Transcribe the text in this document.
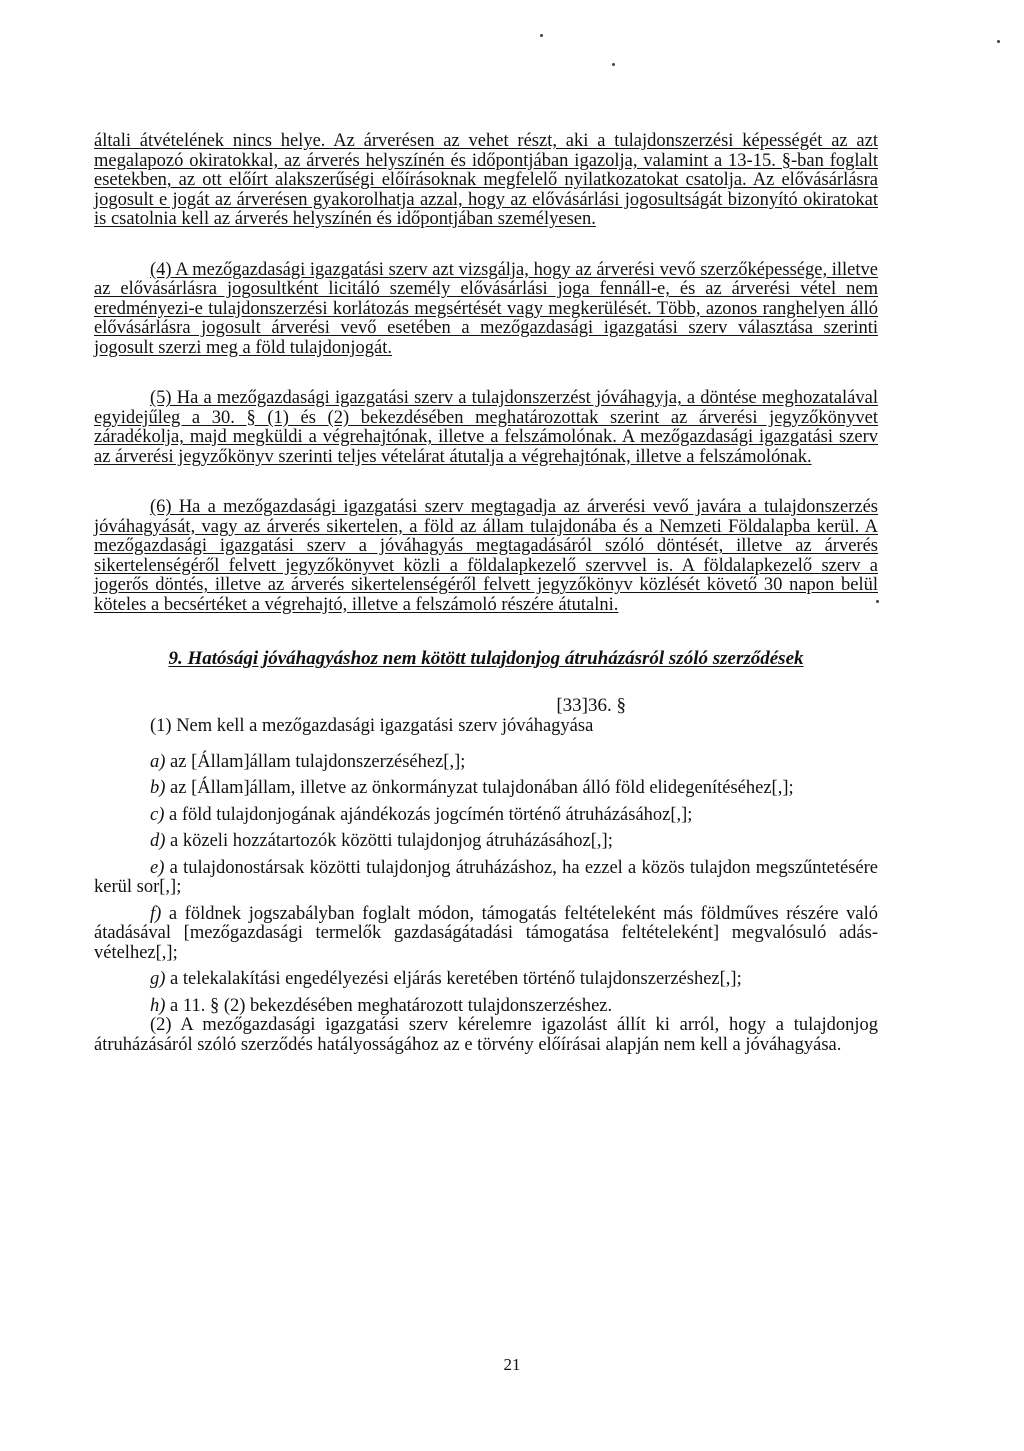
általi átvételének nincs helye. Az árverésen az vehet részt, aki a tulajdonszerzési képességét az azt megalapozó okiratokkal, az árverés helyszínén és időpontjában igazolja, valamint a 13-15. §-ban foglalt esetekben, az ott előírt alakszerűségi előírásoknak megfelelő nyilatkozatokat csatolja. Az elővásárlásra jogosult e jogát az árverésen gyakorolhatja azzal, hogy az elővásárlási jogosultságát bizonyító okiratokat is csatolnia kell az árverés helyszínén és időpontjában személyesen.

(4) A mezőgazdasági igazgatási szerv azt vizsgálja, hogy az árverési vevő szerzőképessége, illetve az elővásárlásra jogosultként licitáló személy elővásárlási joga fennáll-e, és az árverési vétel nem eredményezi-e tulajdonszerzési korlátozás megsértését vagy megkerülését. Több, azonos ranghelyen álló elővásárlásra jogosult árverési vevő esetében a mezőgazdasági igazgatási szerv választása szerinti jogosult szerzi meg a föld tulajdonjogát.

(5) Ha a mezőgazdasági igazgatási szerv a tulajdonszerzést jóváhagyja, a döntése meghozatalával egyidejűleg a 30. § (1) és (2) bekezdésében meghatározottak szerint az árverési jegyzőkönyvet záradékolja, majd megküldi a végrehajtónak, illetve a felszámolónak. A mezőgazdasági igazgatási szerv az árverési jegyzőkönyv szerinti teljes vételárat átutalja a végrehajtónak, illetve a felszámolónak.

(6) Ha a mezőgazdasági igazgatási szerv megtagadja az árverési vevő javára a tulajdonszerzés jóváhagyását, vagy az árverés sikertelen, a föld az állam tulajdonába és a Nemzeti Földalapba kerül. A mezőgazdasági igazgatási szerv a jóváhagyás megtagadásáról szóló döntését, illetve az árverés sikertelenségéről felvett jegyzőkönyvet közli a földalapkezelő szervvel is. A földalapkezelő szerv a jogerős döntés, illetve az árverés sikertelenségéről felvett jegyzőkönyv közlését követő 30 napon belül köteles a becsértéket a végrehajtó, illetve a felszámoló részére átutalni.

9. Hatósági jóváhagyáshoz nem kötött tulajdonjog átruházásról szóló szerződések
[33]36. §

(1) Nem kell a mezőgazdasági igazgatási szerv jóváhagyása

a) az [Állam]állam tulajdonszerzéséhez[,];

b) az [Állam]állam, illetve az önkormányzat tulajdonában álló föld elidegenítéséhez[,];

c) a föld tulajdonjogának ajándékozás jogcímén történő átruházásához[,];

d) a közeli hozzátartozók közötti tulajdonjog átruházásához[,];

e) a tulajdonostársak közötti tulajdonjog átruházáshoz, ha ezzel a közös tulajdon megszűntetésére kerül sor[,];

f) a földnek jogszabályban foglalt módon, támogatás feltételeként más földműves részére való átadásával [mezőgazdasági termelők gazdaságátadási támogatása feltételeként] megvalósuló adás-vételhez[,];

g) a telekalakítási engedélyezési eljárás keretében történő tulajdonszerzéshez[,];

h) a 11. § (2) bekezdésében meghatározott tulajdonszerzéshez.

(2) A mezőgazdasági igazgatási szerv kérelemre igazolást állít ki arról, hogy a tulajdonjog átruházásáról szóló szerződés hatályosságához az e törvény előírásai alapján nem kell a jóváhagyása.

21
